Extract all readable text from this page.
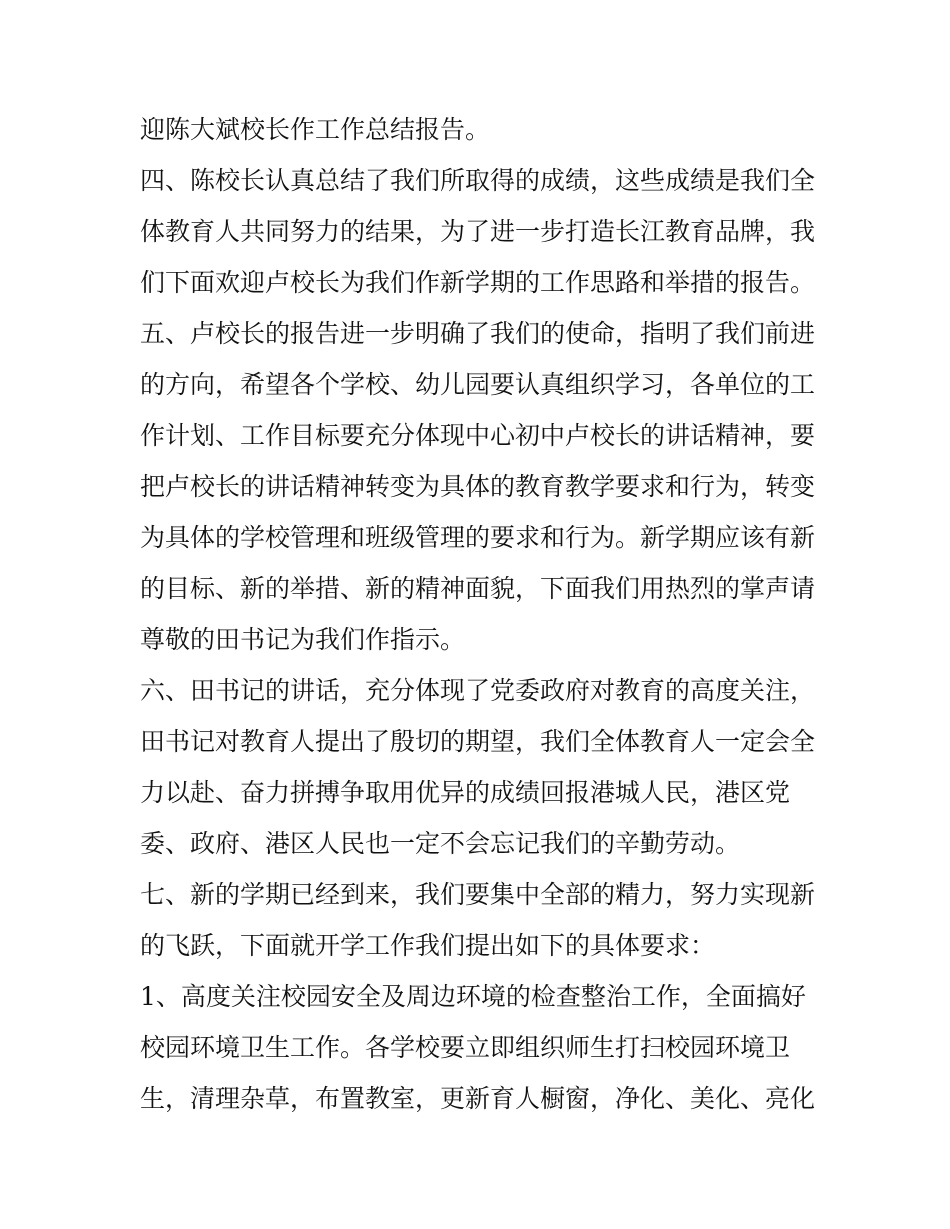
迎陈大斌校长作工作总结报告。
四、陈校长认真总结了我们所取得的成绩，这些成绩是我们全
体教育人共同努力的结果，为了进一步打造长江教育品牌，我
们下面欢迎卢校长为我们作新学期的工作思路和举措的报告。
五、卢校长的报告进一步明确了我们的使命，指明了我们前进
的方向，希望各个学校、幼儿园要认真组织学习，各单位的工
作计划、工作目标要充分体现中心初中卢校长的讲话精神，要
把卢校长的讲话精神转变为具体的教育教学要求和行为，转变
为具体的学校管理和班级管理的要求和行为。新学期应该有新
的目标、新的举措、新的精神面貌，下面我们用热烈的掌声请
尊敬的田书记为我们作指示。
六、田书记的讲话，充分体现了党委政府对教育的高度关注，
田书记对教育人提出了殷切的期望，我们全体教育人一定会全
力以赴、奋力拼搏争取用优异的成绩回报港城人民，港区党
委、政府、港区人民也一定不会忘记我们的辛勤劳动。
七、新的学期已经到来，我们要集中全部的精力，努力实现新
的飞跃，下面就开学工作我们提出如下的具体要求：
1、高度关注校园安全及周边环境的检查整治工作，全面搞好
校园环境卫生工作。各学校要立即组织师生打扫校园环境卫
生，清理杂草，布置教室，更新育人橱窗，净化、美化、亮化
